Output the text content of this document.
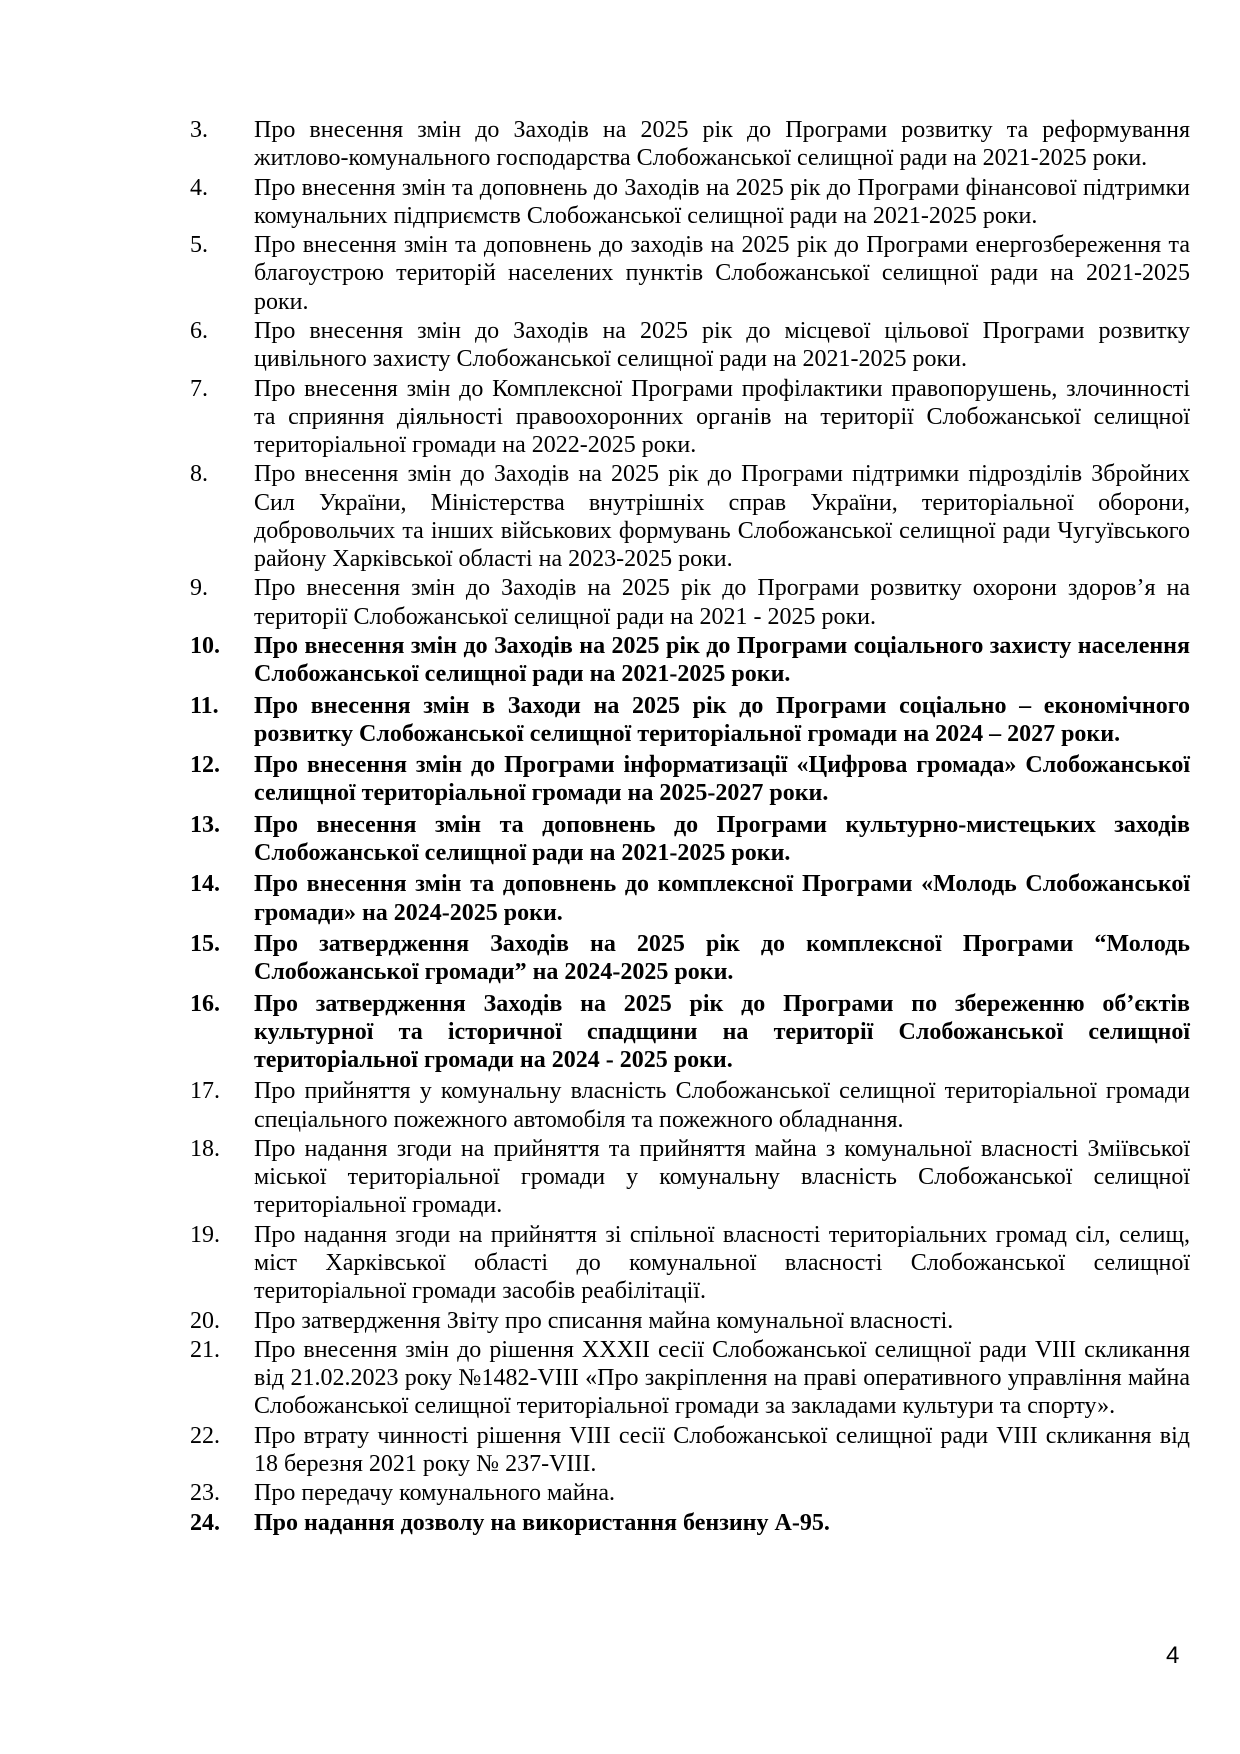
3.	Про внесення змін до Заходів на 2025 рік до Програми розвитку та реформування житлово-комунального господарства Слобожанської селищної ради на 2021-2025 роки.
4.	Про внесення змін та доповнень до Заходів на 2025 рік до Програми фінансової підтримки комунальних підприємств Слобожанської селищної ради на 2021-2025 роки.
5.	Про внесення змін та доповнень до заходів на 2025 рік до Програми енергозбереження та благоустрою територій населених пунктів Слобожанської селищної ради на 2021-2025 роки.
6.	Про внесення змін до Заходів на 2025 рік до місцевої цільової Програми розвитку цивільного захисту Слобожанської селищної ради на 2021-2025 роки.
7.	Про внесення змін до Комплексної Програми профілактики правопорушень, злочинності та сприяння діяльності правоохоронних органів на території Слобожанської селищної територіальної громади на 2022-2025 роки.
8.	Про внесення змін до Заходів на 2025 рік до Програми підтримки підрозділів Збройних Сил України, Міністерства внутрішніх справ України, територіальної оборони, добровольчих та інших військових формувань Слобожанської селищної ради Чугуївського району Харківської області на 2023-2025 роки.
9.	Про внесення змін до Заходів на 2025 рік до Програми розвитку охорони здоров’я на території Слобожанської селищної ради на 2021 - 2025 роки.
10.	Про внесення змін до Заходів на 2025 рік до Програми соціального захисту населення Слобожанської селищної ради на 2021-2025 роки.
11.	Про внесення змін в Заходи на 2025 рік до Програми соціально – економічного розвитку Слобожанської селищної територіальної громади на 2024 – 2027 роки.
12.	Про внесення змін до Програми інформатизації «Цифрова громада» Слобожанської селищної територіальної громади на 2025-2027 роки.
13.	Про внесення змін та доповнень до Програми культурно-мистецьких заходів Слобожанської селищної ради на 2021-2025 роки.
14.	Про внесення змін та доповнень до комплексної Програми «Молодь Слобожанської громади» на 2024-2025 роки.
15.	Про затвердження Заходів на 2025 рік до комплексної Програми “Молодь Слобожанської громади” на 2024-2025 роки.
16.	Про затвердження Заходів на 2025 рік до Програми по збереженню об’єктів культурної та історичної спадщини на території Слобожанської селищної територіальної громади на 2024 - 2025 роки.
17.	Про прийняття у комунальну власність Слобожанської селищної територіальної громади спеціального пожежного автомобіля та пожежного обладнання.
18.	Про надання згоди на прийняття та прийняття майна з комунальної власності Зміївської міської територіальної громади у комунальну власність Слобожанської селищної територіальної громади.
19.	Про надання згоди на прийняття зі спільної власності територіальних громад сіл, селищ, міст Харківської області до комунальної власності Слобожанської селищної територіальної громади засобів реабілітації.
20.	Про затвердження Звіту про списання майна комунальної власності.
21.	Про внесення змін до рішення XXXII сесії Слобожанської селищної ради VIII скликання від 21.02.2023 року №1482-VIII «Про закріплення на праві оперативного управління майна Слобожанської селищної територіальної громади за закладами культури та спорту».
22.	Про втрату чинності рішення VIII сесії Слобожанської селищної ради VIII скликання від 18 березня 2021 року № 237-VIII.
23.	Про передачу комунального майна.
24.	Про надання дозволу на використання бензину А-95.
4
